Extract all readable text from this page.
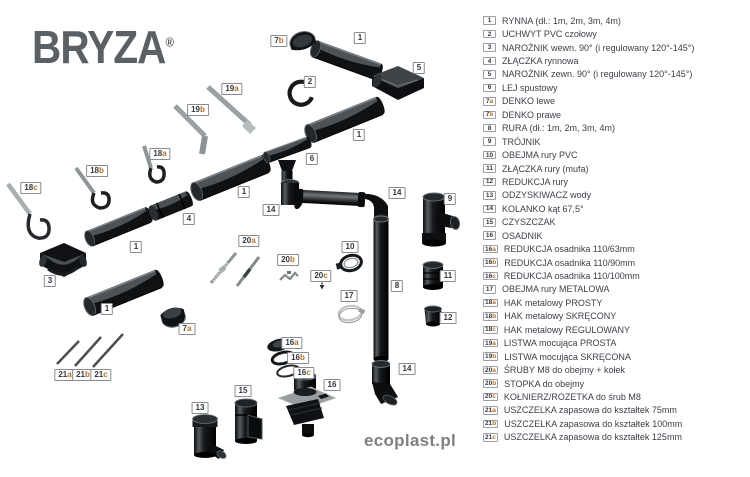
BRYZA®	7b	1
5
2
19a
19b
1
18a
6
18b
18c	1	14
9
14
4
20a
1	10
20b
11
20c
3
8
17
1
12
7a
16a
16b
14
16c
21a 21b 21c
16
15
13
ecoplast.pl
1 RYNNA (dł.: 1m, 2m, 3m, 4m)
2 UCHWYT PVC czołowy
3 NAROŻNIK wewn. 90° (i regulowany 120°-145°)
4 ZŁĄCZKA rynnowa
5 NAROŻNIK zewn. 90° (i regulowany 120°-145°)
6 LEJ spustowy
7 a DENKO lewe
7 b DENKO prawe
8 RURA (dł.: 1m, 2m, 3m, 4m)
9 TRÓJNIK
10 OBEJMA rury PVC
11 ZŁĄCZKA rury (mufa)
12 REDUKCJA rury
13 ODZYSKIWACZ wody
14 KOLANKO kąt 67,5°
15 CZYSZCZAK
16 OSADNIK
16 a REDUKCJA osadnika 110/63mm
16 b REDUKCJA osadnika 110/90mm
16 c REDUKCJA osadnika 110/100mm
17 OBEJMA rury METALOWA
18 a HAK metalowy PROSTY
18 b HAK metalowy SKRĘCONY
18 c HAK metalowy REGULOWANY
19 a LISTWA mocująca PROSTA
19 b LISTWA mocująca SKRĘCONA
20 a ŚRUBY M8 do obejmy + kołek
20 b STOPKA do obejmy
20 c KOŁNIERZ/ROZETKA do śrub M8
21 a USZCZELKA zapasowa do kształtek 75mm
21 b USZCZELKA zapasowa do kształtek 100mm
21 c USZCZELKA zapasowa do kształtek 125mm
